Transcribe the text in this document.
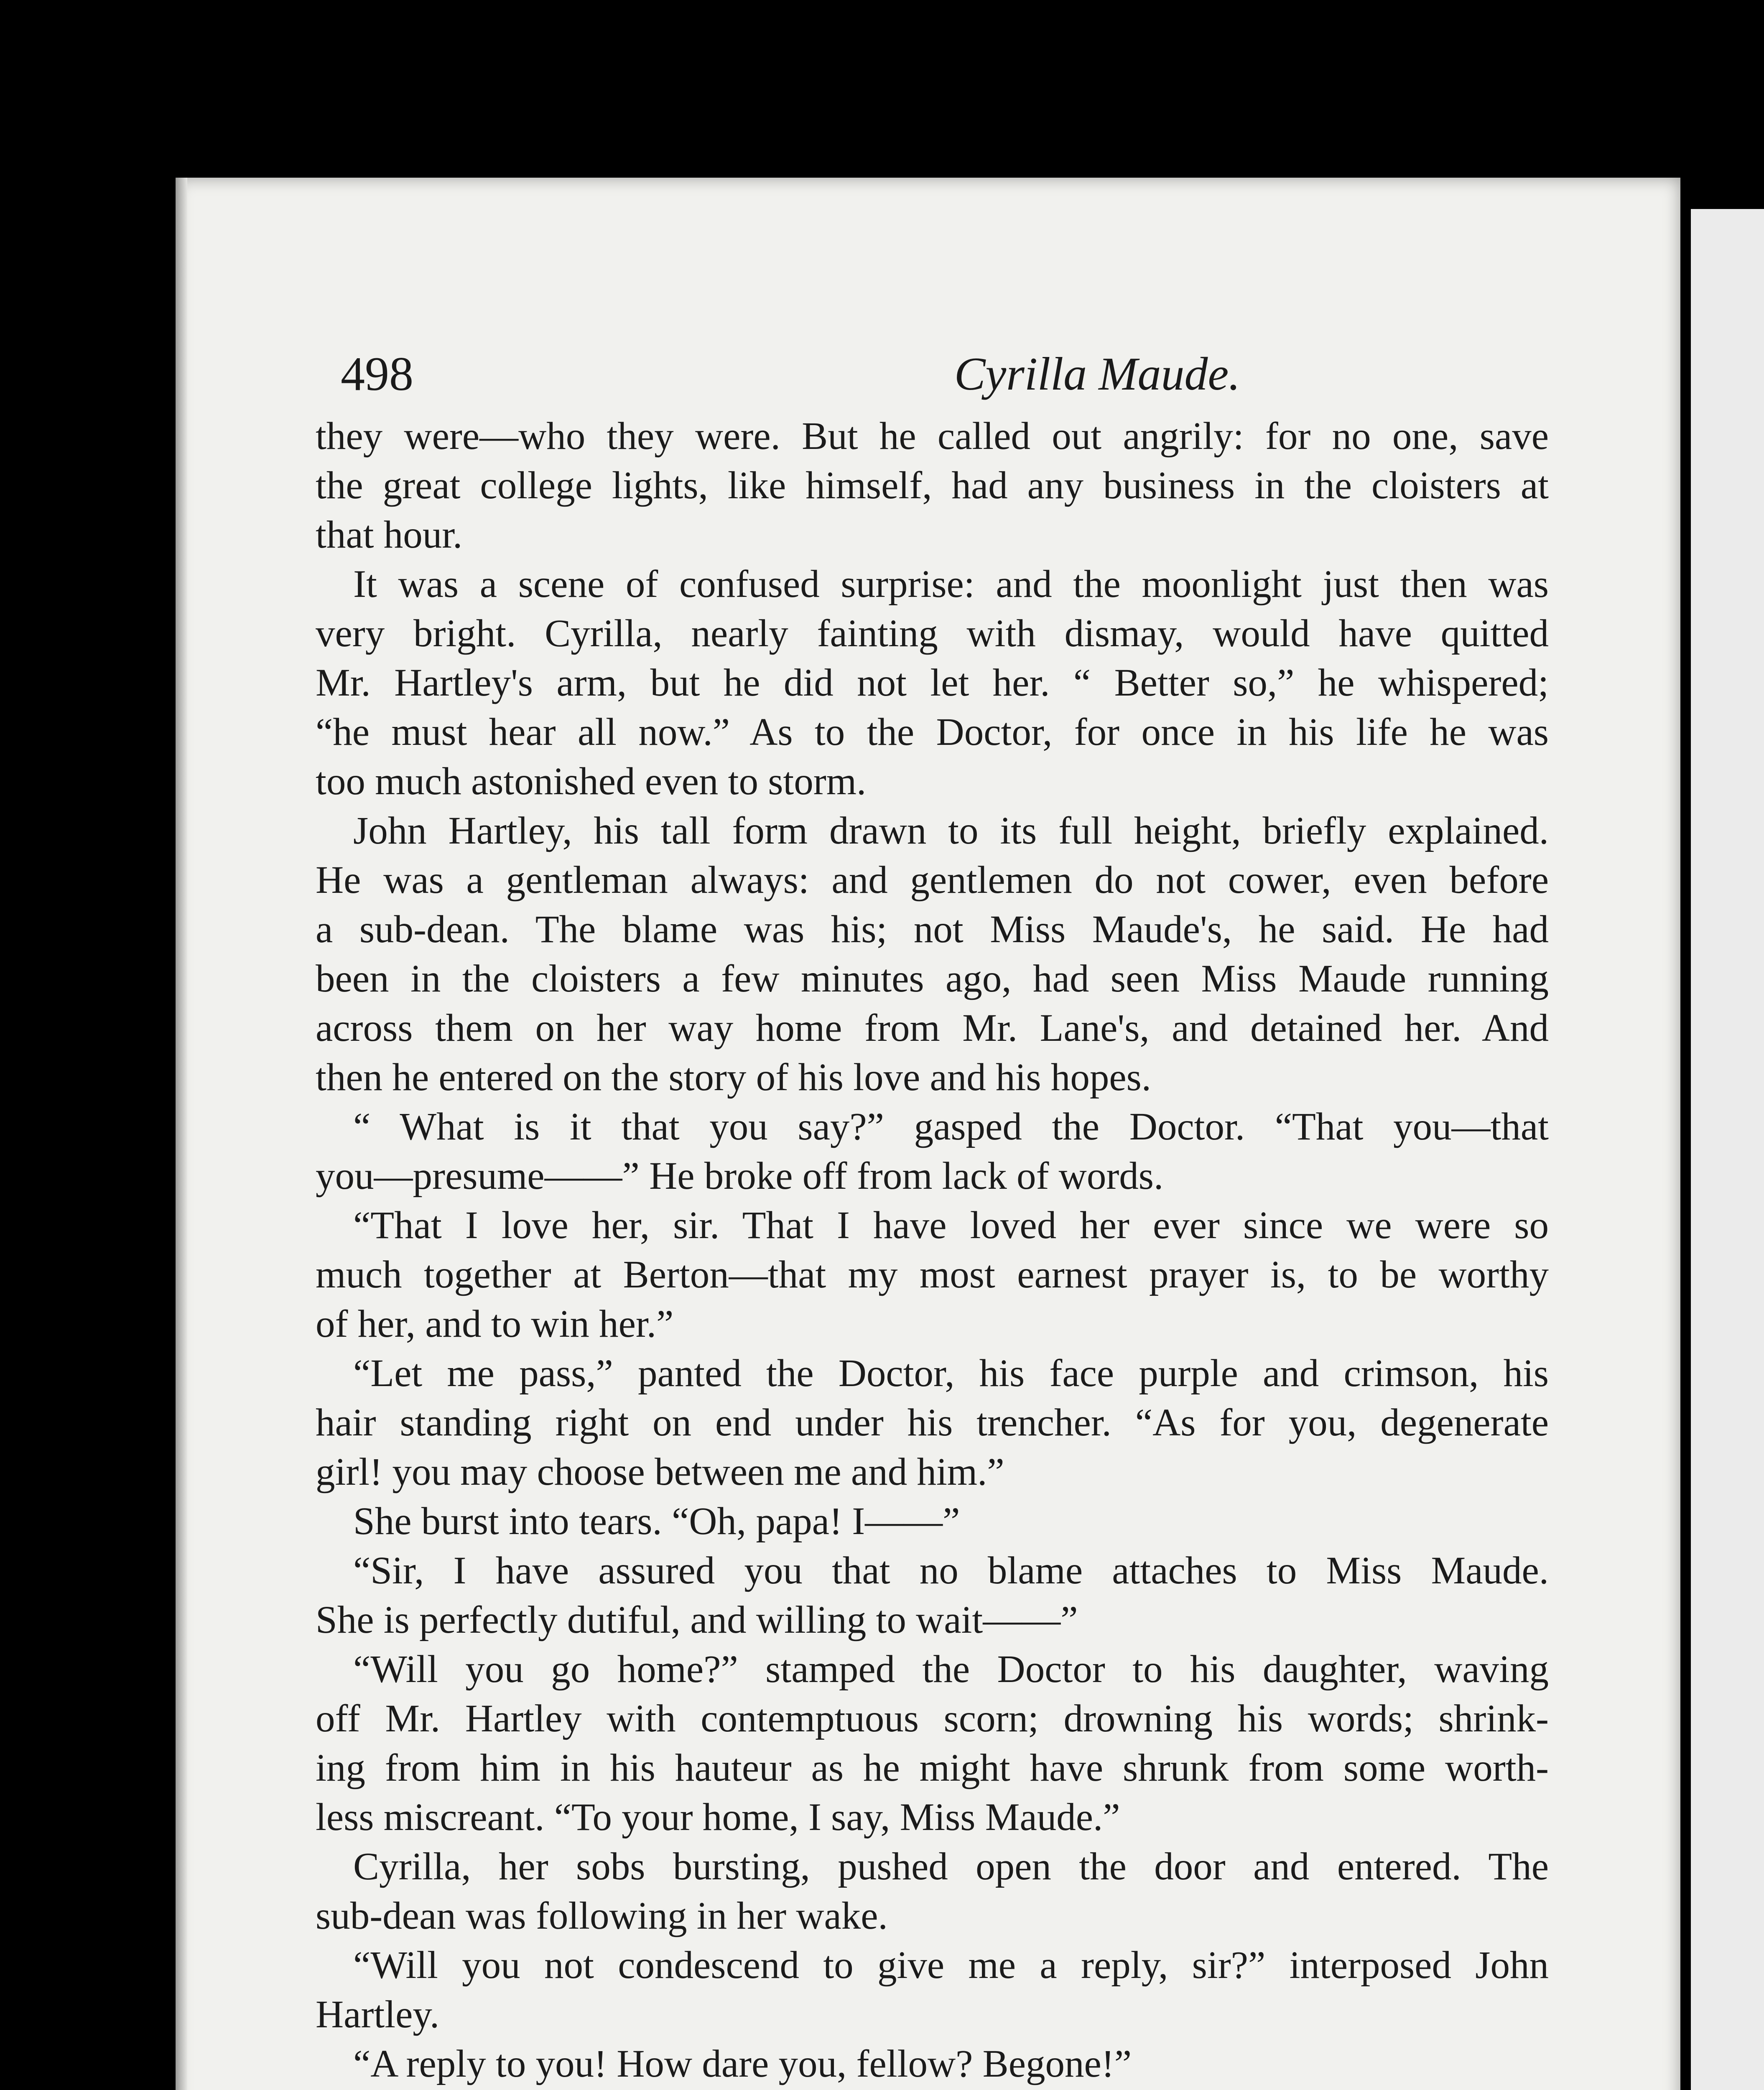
498	Cyrilla Maude.
they were—who they were. But he called out angrily: for no one, save
the great college lights, like himself, had any business in the cloisters at
that hour.
It was a scene of confused surprise: and the moonlight just then was
very bright. Cyrilla, nearly fainting with dismay, would have quitted
Mr. Hartley's arm, but he did not let her. “ Better so,” he whispered;
“he must hear all now.” As to the Doctor, for once in his life he was
too much astonished even to storm.
John Hartley, his tall form drawn to its full height, briefly explained.
He was a gentleman always: and gentlemen do not cower, even before
a sub-dean. The blame was his; not Miss Maude's, he said. He had
been in the cloisters a few minutes ago, had seen Miss Maude running
across them on her way home from Mr. Lane's, and detained her. And
then he entered on the story of his love and his hopes.
“ What is it that you say?” gasped the Doctor. “That you—that
you—presume——” He broke off from lack of words.
“That I love her, sir. That I have loved her ever since we were so
much together at Berton—that my most earnest prayer is, to be worthy
of her, and to win her.”
“Let me pass,” panted the Doctor, his face purple and crimson, his
hair standing right on end under his trencher. “As for you, degenerate
girl! you may choose between me and him.”
She burst into tears. “Oh, papa! I——”
“Sir, I have assured you that no blame attaches to Miss Maude.
She is perfectly dutiful, and willing to wait——”
“Will you go home?” stamped the Doctor to his daughter, waving
off Mr. Hartley with contemptuous scorn; drowning his words; shrink-
ing from him in his hauteur as he might have shrunk from some worth-
less miscreant. “To your home, I say, Miss Maude.”
Cyrilla, her sobs bursting, pushed open the door and entered. The
sub-dean was following in her wake.
“Will you not condescend to give me a reply, sir?” interposed John
Hartley.
“A reply to you! How dare you, fellow? Begone!”
